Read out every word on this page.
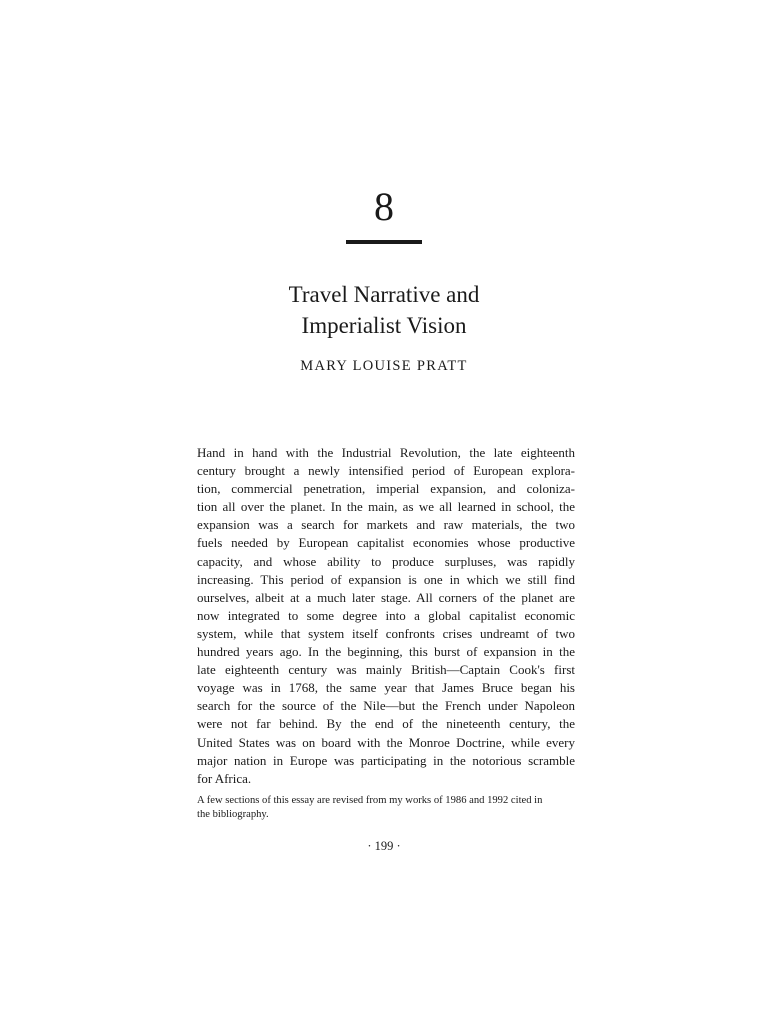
8
Travel Narrative and
Imperialist Vision
MARY LOUISE PRATT
Hand in hand with the Industrial Revolution, the late eighteenth
century brought a newly intensified period of European explora-
tion, commercial penetration, imperial expansion, and coloniza-
tion all over the planet. In the main, as we all learned in school, the
expansion was a search for markets and raw materials, the two
fuels needed by European capitalist economies whose productive
capacity, and whose ability to produce surpluses, was rapidly
increasing. This period of expansion is one in which we still find
ourselves, albeit at a much later stage. All corners of the planet are
now integrated to some degree into a global capitalist economic
system, while that system itself confronts crises undreamt of two
hundred years ago. In the beginning, this burst of expansion in the
late eighteenth century was mainly British—Captain Cook's first
voyage was in 1768, the same year that James Bruce began his
search for the source of the Nile—but the French under Napoleon
were not far behind. By the end of the nineteenth century, the
United States was on board with the Monroe Doctrine, while every
major nation in Europe was participating in the notorious scramble
for Africa.
A few sections of this essay are revised from my works of 1986 and 1992 cited in
the bibliography.
· 199 ·
